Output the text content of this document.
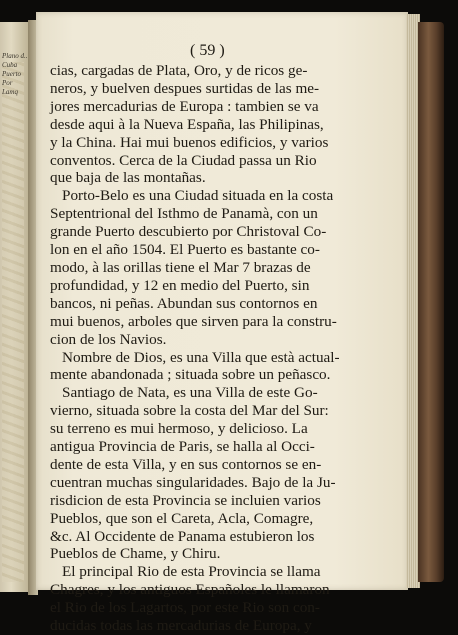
Plano d.. Cuba Puerto Por Lamq
( 59 )
cias, cargadas de Plata, Oro, y de ricos ge-
neros, y buelven despues surtidas de las me-
jores mercadurias de Europa : tambien se va
desde aqui à la Nueva España, las Philipinas,
y la China. Hai mui buenos edificios, y varios
conventos. Cerca de la Ciudad passa un Rio
que baja de las montañas.
Porto-Belo es una Ciudad situada en la costa
Septentrional del Isthmo de Panamà, con un
grande Puerto descubierto por Christoval Co-
lon en el año 1504. El Puerto es bastante co-
modo, à las orillas tiene el Mar 7 brazas de
profundidad, y 12 en medio del Puerto, sin
bancos, ni peñas. Abundan sus contornos en
mui buenos, arboles que sirven para la constru-
cion de los Navios.
Nombre de Dios, es una Villa que està actual-
mente abandonada ; situada sobre un peñasco.
Santiago de Nata, es una Villa de este Go-
vierno, situada sobre la costa del Mar del Sur:
su terreno es mui hermoso, y delicioso. La
antigua Provincia de Paris, se halla al Occi-
dente de esta Villa, y en sus contornos se en-
cuentran muchas singularidades. Bajo de la Ju-
risdicion de esta Provincia se incluien varios
Pueblos, que son el Careta, Acla, Comagre,
&c. Al Occidente de Panama estubieron los
Pueblos de Chame, y Chiru.
El principal Rio de esta Provincia se llama
Chagres, y los antiguos Españoles le llamaron
el Rio de los Lagartos, por este Rio son con-
ducidas todas las mercadurias de Europa, y
